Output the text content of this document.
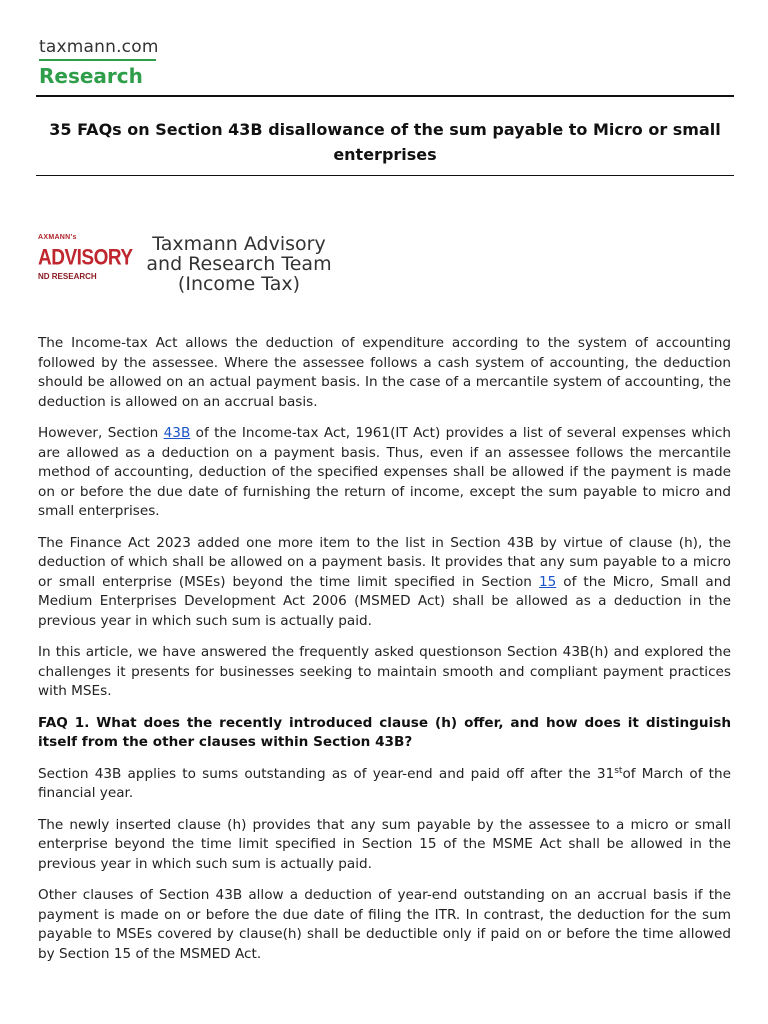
taxmann.com
Research
35 FAQs on Section 43B disallowance of the sum payable to Micro or small enterprises
AXMANN's
ADVISORY
ND RESEARCH
Taxmann Advisory
and Research Team
(Income Tax)

The Income-tax Act allows the deduction of expenditure according to the system of accounting followed by the assessee. Where the assessee follows a cash system of accounting, the deduction should be allowed on an actual payment basis. In the case of a mercantile system of accounting, the deduction is allowed on an accrual basis.

However, Section 43B of the Income-tax Act, 1961(IT Act) provides a list of several expenses which are allowed as a deduction on a payment basis. Thus, even if an assessee follows the mercantile method of accounting, deduction of the specified expenses shall be allowed if the payment is made on or before the due date of furnishing the return of income, except the sum payable to micro and small enterprises.

The Finance Act 2023 added one more item to the list in Section 43B by virtue of clause (h), the deduction of which shall be allowed on a payment basis. It provides that any sum payable to a micro or small enterprise (MSEs) beyond the time limit specified in Section 15 of the Micro, Small and Medium Enterprises Development Act 2006 (MSMED Act) shall be allowed as a deduction in the previous year in which such sum is actually paid.

In this article, we have answered the frequently asked questionson Section 43B(h) and explored the challenges it presents for businesses seeking to maintain smooth and compliant payment practices with MSEs.

FAQ 1. What does the recently introduced clause (h) offer, and how does it distinguish itself from the other clauses within Section 43B?

Section 43B applies to sums outstanding as of year-end and paid off after the 31stof March of the financial year.

The newly inserted clause (h) provides that any sum payable by the assessee to a micro or small enterprise beyond the time limit specified in Section 15 of the MSME Act shall be allowed in the previous year in which such sum is actually paid.

Other clauses of Section 43B allow a deduction of year-end outstanding on an accrual basis if the payment is made on or before the due date of filing the ITR. In contrast, the deduction for the sum payable to MSEs covered by clause(h) shall be deductible only if paid on or before the time allowed by Section 15 of the MSMED Act.
